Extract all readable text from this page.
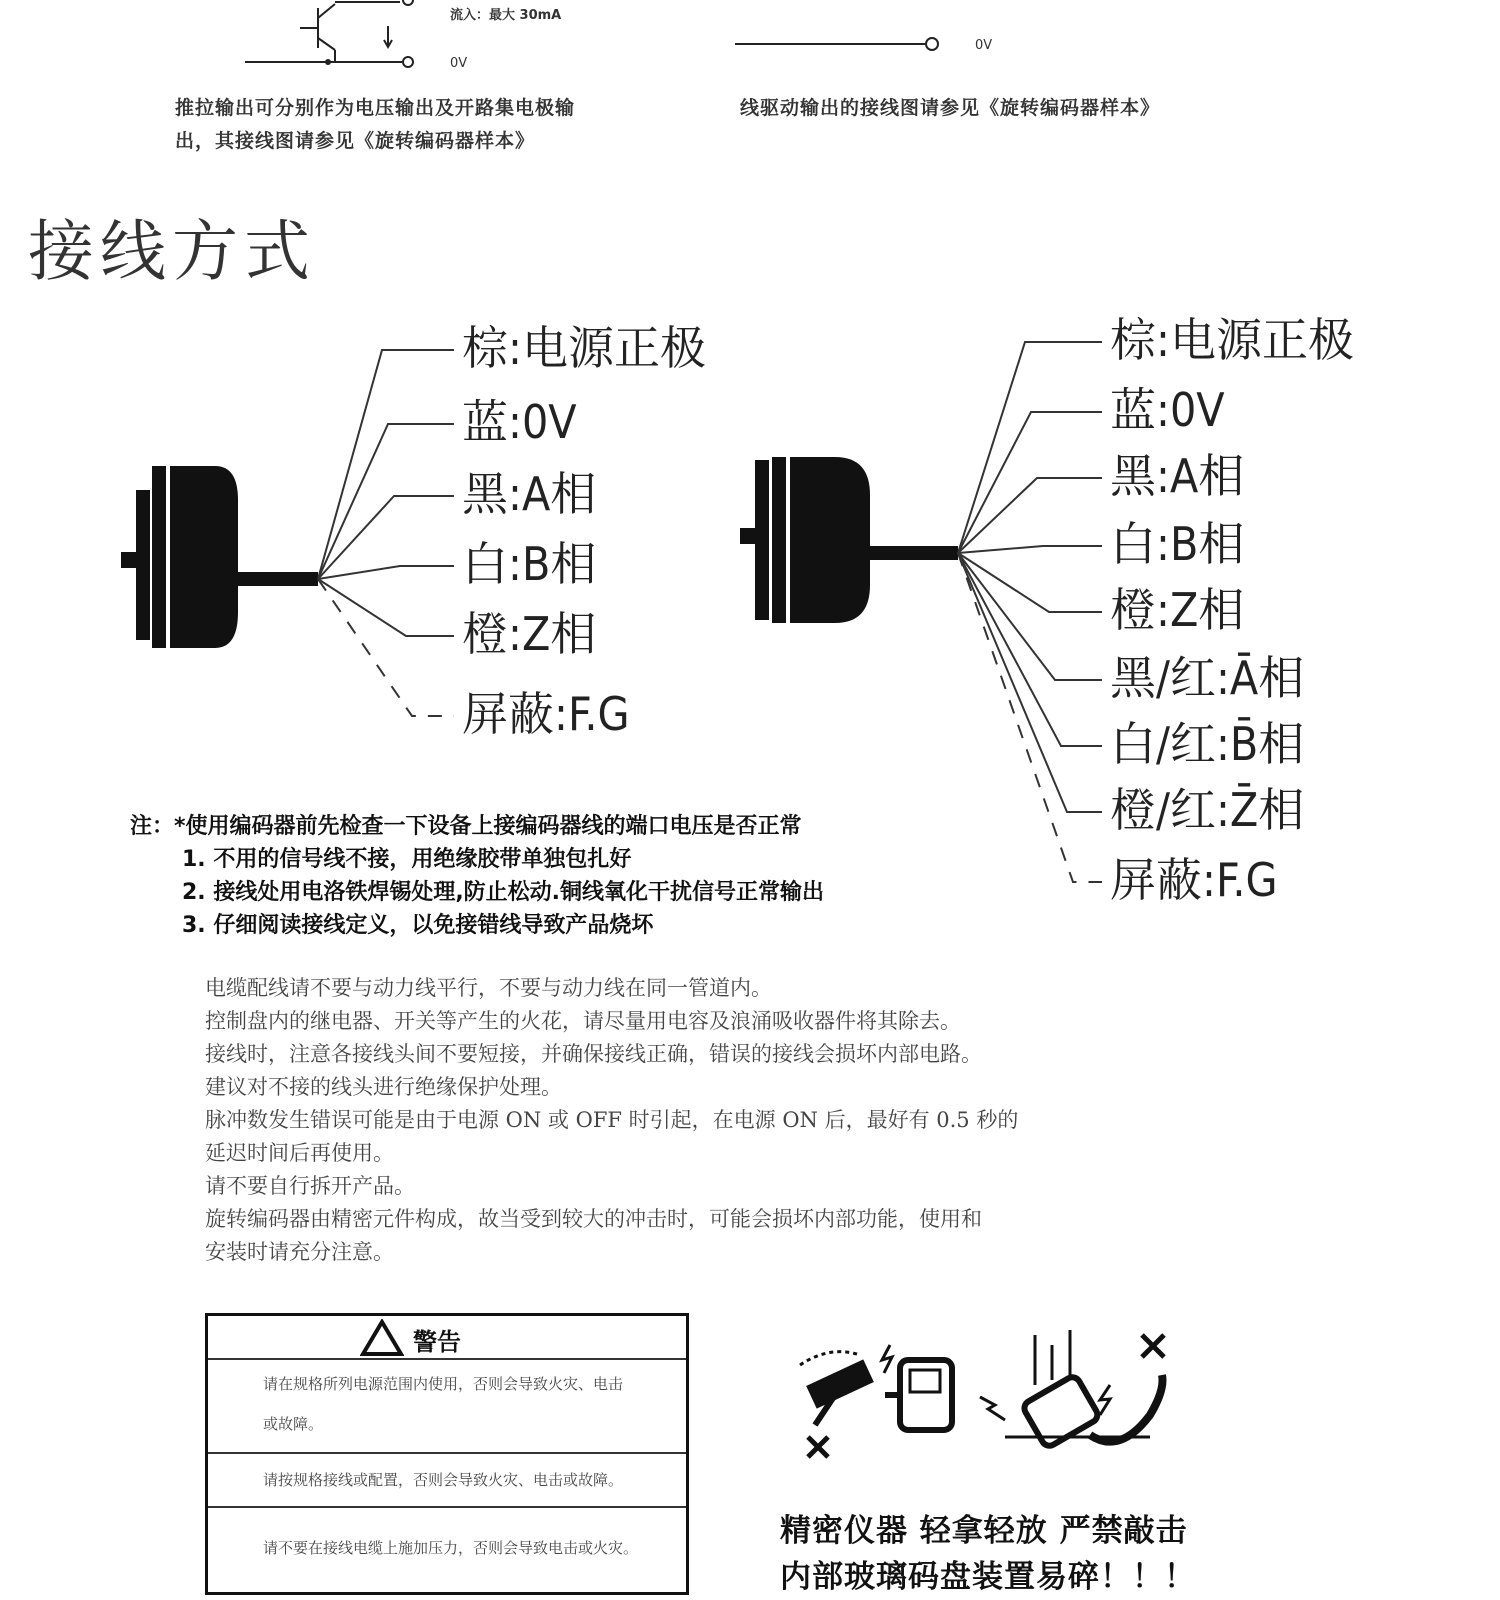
流入：最大 30mA
0V
0V
推拉输出可分别作为电压输出及开路集电极输
出，其接线图请参见《旋转编码器样本》
线驱动输出的接线图请参见《旋转编码器样本》
接线方式
棕:电源正极
蓝:0V
黑:A相
白:B相
橙:Z相
屏蔽:F.G
棕:电源正极
蓝:0V
黑:A相
白:B相
橙:Z相
黑/红:Ā相
白/红:B̄相
橙/红:Z̄相
屏蔽:F.G
注：*使用编码器前先检查一下设备上接编码器线的端口电压是否正常
1. 不用的信号线不接，用绝缘胶带单独包扎好
2. 接线处用电洛铁焊锡处理,防止松动.铜线氧化干扰信号正常输出
3. 仔细阅读接线定义，以免接错线导致产品烧坏

电缆配线请不要与动力线平行，不要与动力线在同一管道内。

控制盘内的继电器、开关等产生的火花，请尽量用电容及浪涌吸收器件将其除去。

接线时，注意各接线头间不要短接，并确保接线正确，错误的接线会损坏内部电路。

建议对不接的线头进行绝缘保护处理。

脉冲数发生错误可能是由于电源 ON 或 OFF 时引起，在电源 ON 后，最好有 0.5 秒的

延迟时间后再使用。

请不要自行拆开产品。

旋转编码器由精密元件构成，故当受到较大的冲击时，可能会损坏内部功能，使用和

安装时请充分注意。

警告
请在规格所列电源范围内使用，否则会导致火灾、电击
或故障。
请按规格接线或配置，否则会导致火灾、电击或故障。
请不要在接线电缆上施加压力，否则会导致电击或火灾。	精密仪器 轻拿轻放 严禁敲击
内部玻璃码盘装置易碎！！！
